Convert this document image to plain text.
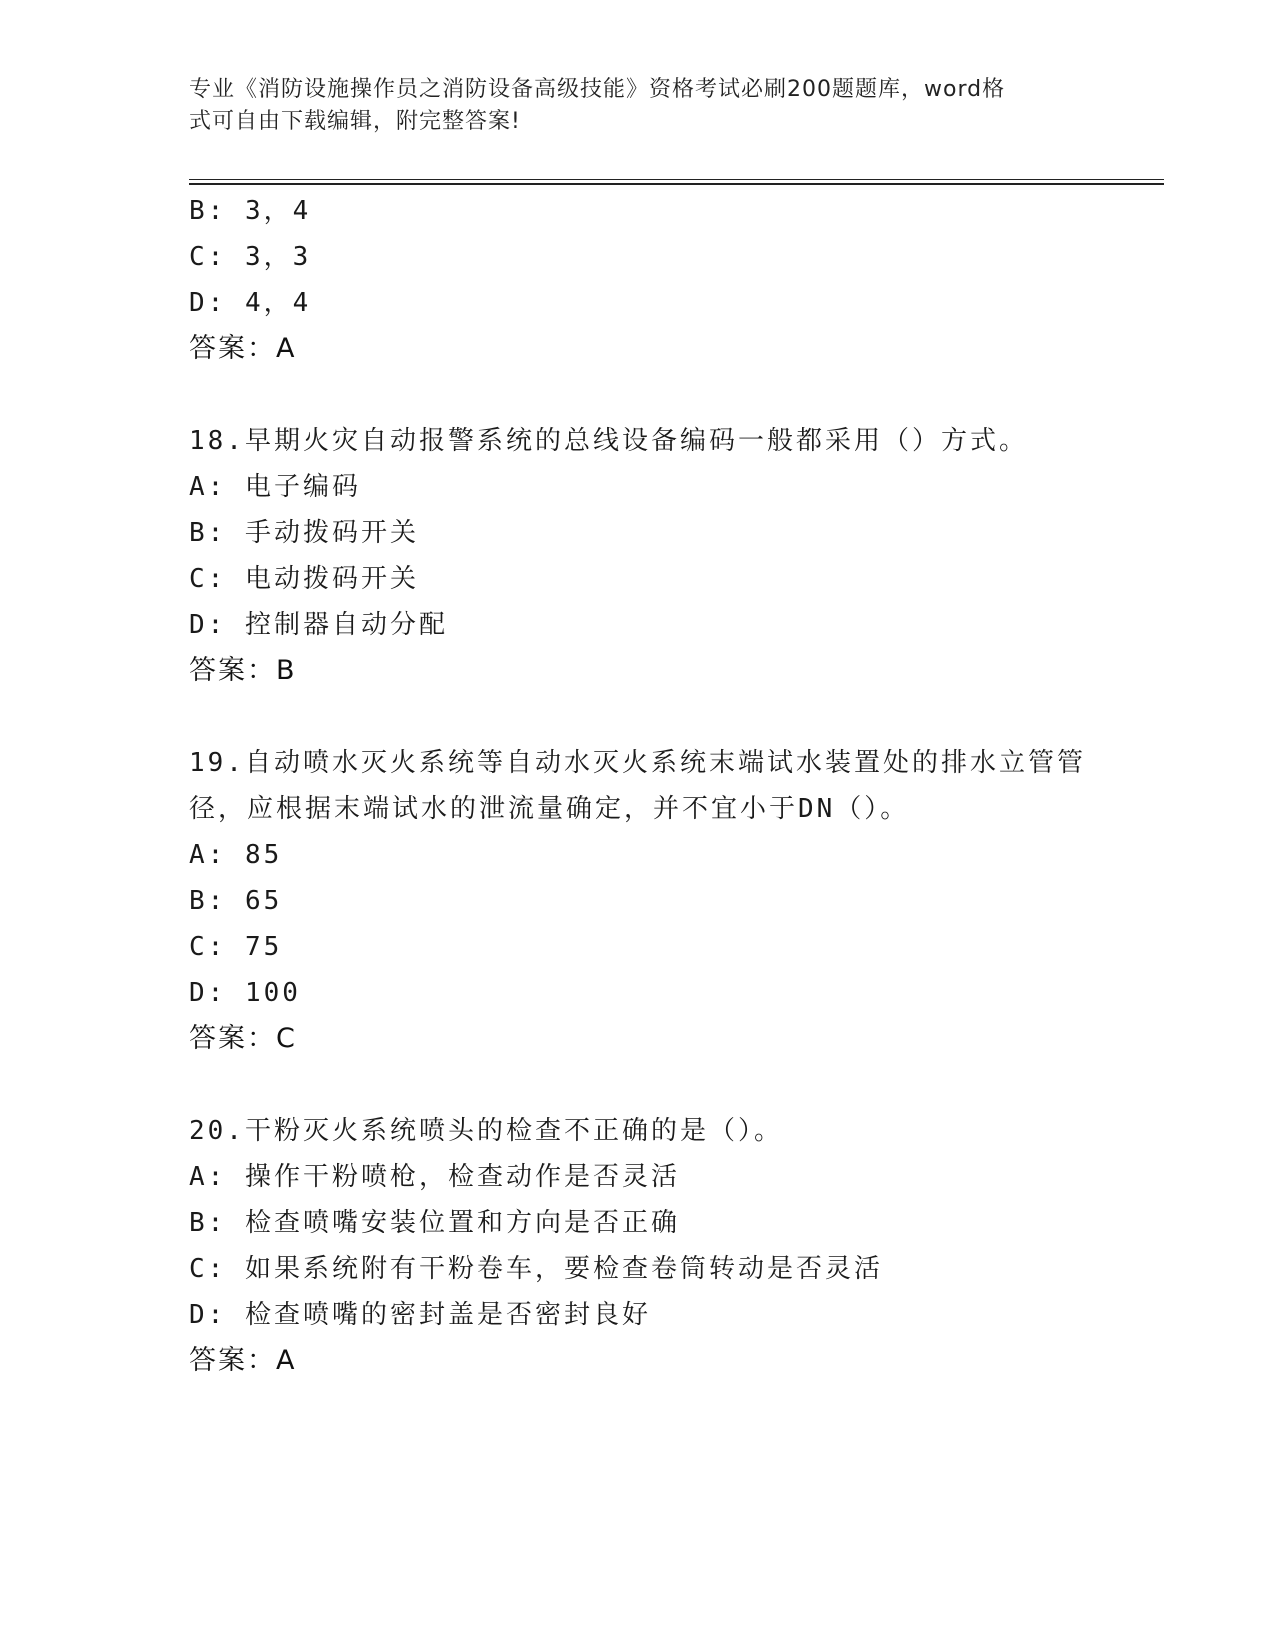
专业《消防设施操作员之消防设备高级技能》资格考试必刷200题题库，word格
式可自由下载编辑，附完整答案!
B: 3，4
C: 3，3
D: 4，4
答案：A
18.早期火灾自动报警系统的总线设备编码一般都采用（）方式。
A: 电子编码
B: 手动拨码开关
C: 电动拨码开关
D: 控制器自动分配
答案：B
19.自动喷水灭火系统等自动水灭火系统末端试水装置处的排水立管管
径，应根据末端试水的泄流量确定，并不宜小于DN（）。
A: 85
B: 65
C: 75
D: 100
答案：C
20.干粉灭火系统喷头的检查不正确的是（）。
A: 操作干粉喷枪，检查动作是否灵活
B: 检查喷嘴安装位置和方向是否正确
C: 如果系统附有干粉卷车，要检查卷筒转动是否灵活
D: 检查喷嘴的密封盖是否密封良好
答案：A
